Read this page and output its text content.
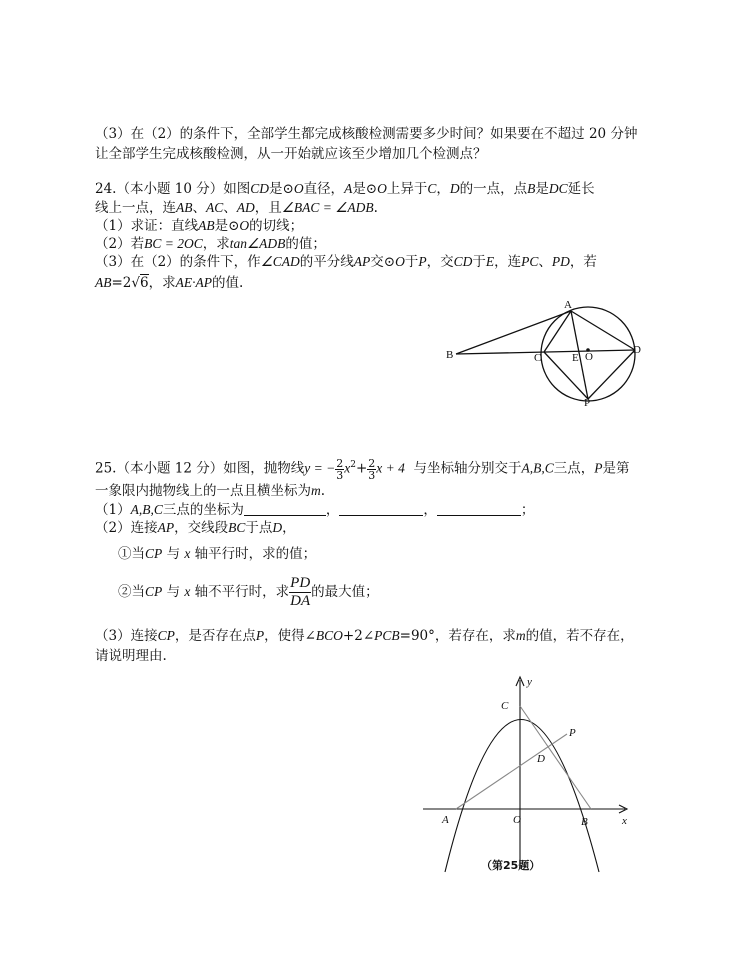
（3）在（2）的条件下，全部学生都完成核酸检测需要多少时间？如果要在不超过 20 分钟
让全部学生完成核酸检测，从一开始就应该至少增加几个检测点？
24.（本小题 10 分）如图CD是⊙O直径，A是⊙O上异于C，D的一点，点B是DC延长
线上一点，连AB、AC、AD，且∠BAC = ∠ADB.
（1）求证：直线AB是⊙O的切线；
（2）若BC = 2OC，求tan∠ADB的值；
（3）在（2）的条件下，作∠CAD的平分线AP交⊙O于P，交CD于E，连PC、PD，若
AB=2√6，求AE·AP的值.
A
B	C	E O
D
P
25.（本小题 12 分）如图，抛物线y = − $\frac{2}{3} x^2+ \frac{2}{3}$ x + 4 与坐标轴分别交于A,B,C三点，P是第
一象限内抛物线上的一点且横坐标为m.
（1）A,B,C三点的坐标为	，	，	；
（2）连接AP，交线段BC于点D，
①当CP 与 x 轴平行时，求的值；
②当CP 与 x 轴不平行时，求 $\frac{PD}{DA}$ 的最大值；
（3）连接CP，是否存在点P，使得∠BCO+2∠PCB=90°，若存在，求m的值，若不存在，
请说明理由.
y
x
C
P
D
A	O	B
（第25题）
